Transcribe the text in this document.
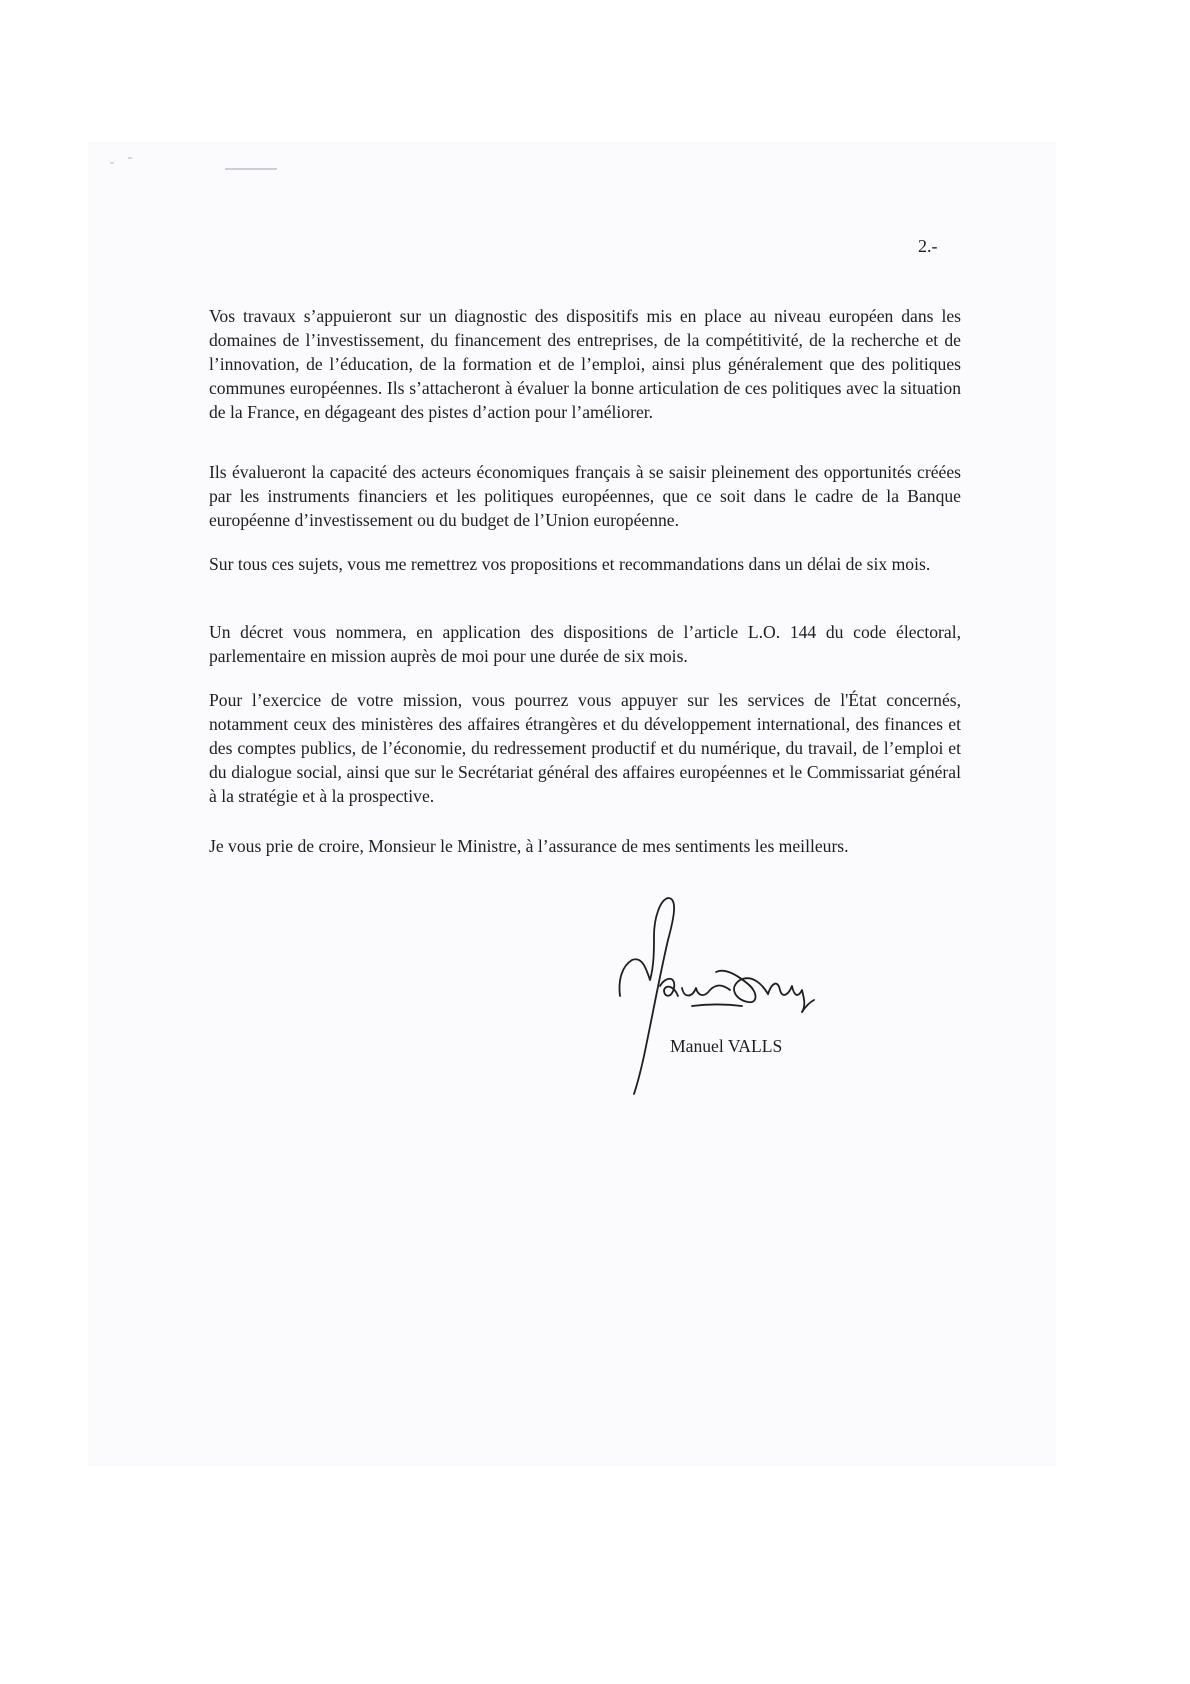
2.-

Vos travaux s’appuieront sur un diagnostic des dispositifs mis en place au niveau européen dans les domaines de l’investissement, du financement des entreprises, de la compétitivité, de la recherche et de l’innovation, de l’éducation, de la formation et de l’emploi, ainsi plus généralement que des politiques communes européennes. Ils s’attacheront à évaluer la bonne articulation de ces politiques avec la situation de la France, en dégageant des pistes d’action pour l’améliorer.

Ils évalueront la capacité des acteurs économiques français à se saisir pleinement des opportunités créées par les instruments financiers et les politiques européennes, que ce soit dans le cadre de la Banque européenne d’investissement ou du budget de l’Union européenne.

Sur tous ces sujets, vous me remettrez vos propositions et recommandations dans un délai de six mois.

Un décret vous nommera, en application des dispositions de l’article L.O. 144 du code électoral, parlementaire en mission auprès de moi pour une durée de six mois.

Pour l’exercice de votre mission, vous pourrez vous appuyer sur les services de l'État concernés, notamment ceux des ministères des affaires étrangères et du développement international, des finances et des comptes publics, de l’économie, du redressement productif et du numérique, du travail, de l’emploi et du dialogue social, ainsi que sur le Secrétariat général des affaires européennes et le Commissariat général à la stratégie et à la prospective.

Je vous prie de croire, Monsieur le Ministre, à l’assurance de mes sentiments les meilleurs.

Manuel VALLS
